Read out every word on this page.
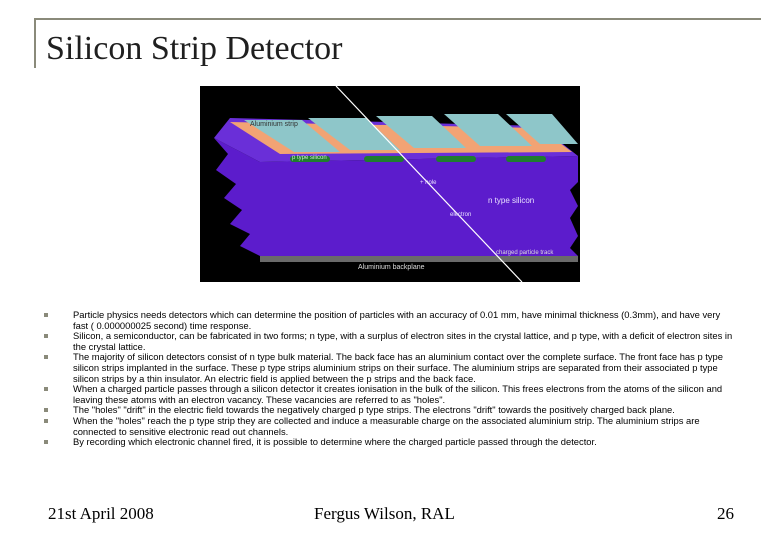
Silicon Strip Detector
Aluminium strip
p type silicon
n type silicon
electron
+ hole
charged particle track
Aluminium backplane
Particle physics needs detectors which can determine the position of particles with an accuracy of 0.01 mm, have minimal thickness (0.3mm), and have very fast ( 0.000000025 second) time response.
Silicon, a semiconductor, can be fabricated in two forms; n type, with a surplus of electron sites in the crystal lattice, and p type, with a deficit of electron sites in the crystal lattice.
The majority of silicon detectors consist of n type bulk material. The back face has an aluminium contact over the complete surface. The front face has p type silicon strips implanted in the surface. These p type strips aluminium strips on their surface. The aluminium strips are separated from their associated p type silicon strips by a thin insulator. An electric field is applied between the p strips and the back face.
When a charged particle passes through a silicon detector it creates ionisation in the bulk of the silicon. This frees electrons from the atoms of the silicon and leaving these atoms with an electron vacancy. These vacancies are referred to as "holes".
The "holes" "drift" in the electric field towards the negatively charged p type strips. The electrons "drift" towards the positively charged back plane.
When the "holes" reach the p type strip they are collected and induce a measurable charge on the associated aluminium strip. The aluminium strips are connected to sensitive electronic read out channels.
By recording which electronic channel fired, it is possible to determine where the charged particle passed through the detector.
21st April 2008	Fergus Wilson, RAL	26
